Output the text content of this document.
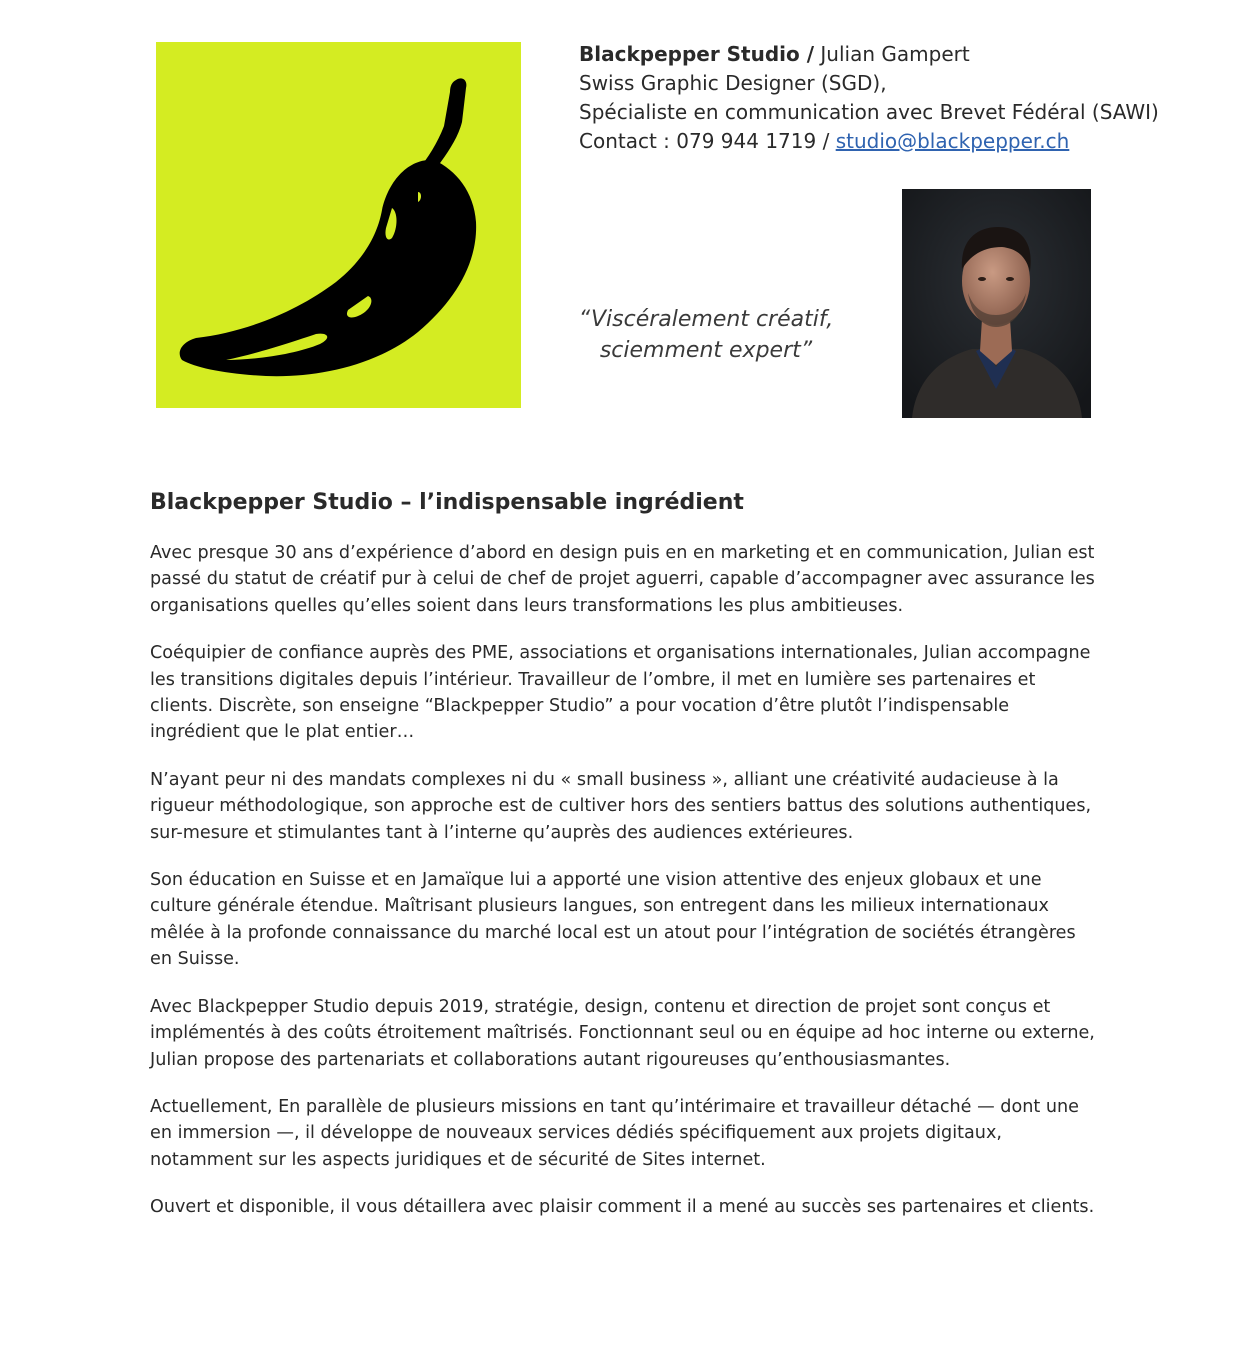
Blackpepper Studio / Julian Gampert
Swiss Graphic Designer (SGD),
Spécialiste en communication avec Brevet Fédéral (SAWI)
Contact : 079 944 1719 / studio@blackpepper.ch
“Viscéralement créatif,
sciemment expert”
Blackpepper Studio – l’indispensable ingrédient

Avec presque 30 ans d’expérience d’abord en design puis en en marketing et en communication, Julian est passé du statut de créatif pur à celui de chef de projet aguerri, capable d’accompagner avec assurance les organisations quelles qu’elles soient dans leurs transformations les plus ambitieuses.

Coéquipier de confiance auprès des PME, associations et organisations internationales, Julian accompagne les transitions digitales depuis l’intérieur. Travailleur de l’ombre, il met en lumière ses partenaires et clients. Discrète, son enseigne “Blackpepper Studio” a pour vocation d’être plutôt l’indispensable ingrédient que le plat entier…

N’ayant peur ni des mandats complexes ni du « small business », alliant une créativité audacieuse à la rigueur méthodologique, son approche est de cultiver hors des sentiers battus des solutions authentiques, sur-mesure et stimulantes tant à l’interne qu’auprès des audiences extérieures.

Son éducation en Suisse et en Jamaïque lui a apporté une vision attentive des enjeux globaux et une culture générale étendue. Maîtrisant plusieurs langues, son entregent dans les milieux internationaux mêlée à la profonde connaissance du marché local est un atout pour l’intégration de sociétés étrangères en Suisse.

Avec Blackpepper Studio depuis 2019, stratégie, design, contenu et direction de projet sont conçus et implémentés à des coûts étroitement maîtrisés. Fonctionnant seul ou en équipe ad hoc interne ou externe, Julian propose des partenariats et collaborations autant rigoureuses qu’enthousiasmantes.

Actuellement, En parallèle de plusieurs missions en tant qu’intérimaire et travailleur détaché — dont une en immersion —, il développe de nouveaux services dédiés spécifiquement aux projets digitaux, notamment sur les aspects juridiques et de sécurité de Sites internet.

Ouvert et disponible, il vous détaillera avec plaisir comment il a mené au succès ses partenaires et clients.
